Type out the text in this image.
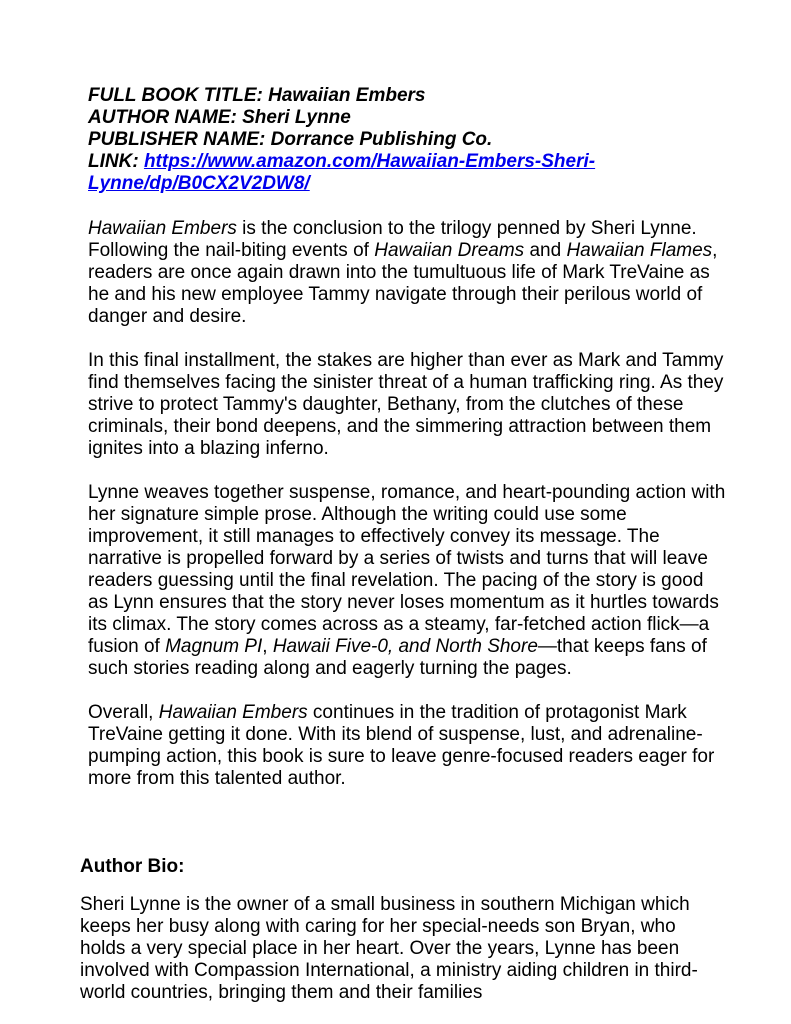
FULL BOOK TITLE: Hawaiian Embers
AUTHOR NAME: Sheri Lynne
PUBLISHER NAME: Dorrance Publishing Co.
LINK: https://www.amazon.com/Hawaiian-Embers-Sheri-
Lynne/dp/B0CX2V2DW8/

Hawaiian Embers is the conclusion to the trilogy penned by Sheri Lynne. Following the nail-biting events of Hawaiian Dreams and Hawaiian Flames, readers are once again drawn into the tumultuous life of Mark TreVaine as he and his new employee Tammy navigate through their perilous world of danger and desire.

In this final installment, the stakes are higher than ever as Mark and Tammy find themselves facing the sinister threat of a human trafficking ring. As they strive to protect Tammy's daughter, Bethany, from the clutches of these criminals, their bond deepens, and the simmering attraction between them ignites into a blazing inferno.

Lynne weaves together suspense, romance, and heart-pounding action with her signature simple prose. Although the writing could use some improvement, it still manages to effectively convey its message. The narrative is propelled forward by a series of twists and turns that will leave readers guessing until the final revelation. The pacing of the story is good as Lynn ensures that the story never loses momentum as it hurtles towards its climax. The story comes across as a steamy, far-fetched action flick—a fusion of Magnum PI, Hawaii Five-0, and North Shore—that keeps fans of such stories reading along and eagerly turning the pages.

Overall, Hawaiian Embers continues in the tradition of protagonist Mark TreVaine getting it done. With its blend of suspense, lust, and adrenaline-pumping action, this book is sure to leave genre-focused readers eager for more from this talented author.

Author Bio:

Sheri Lynne is the owner of a small business in southern Michigan which keeps her busy along with caring for her special-needs son Bryan, who holds a very special place in her heart. Over the years, Lynne has been involved with Compassion International, a ministry aiding children in third-world countries, bringing them and their families
